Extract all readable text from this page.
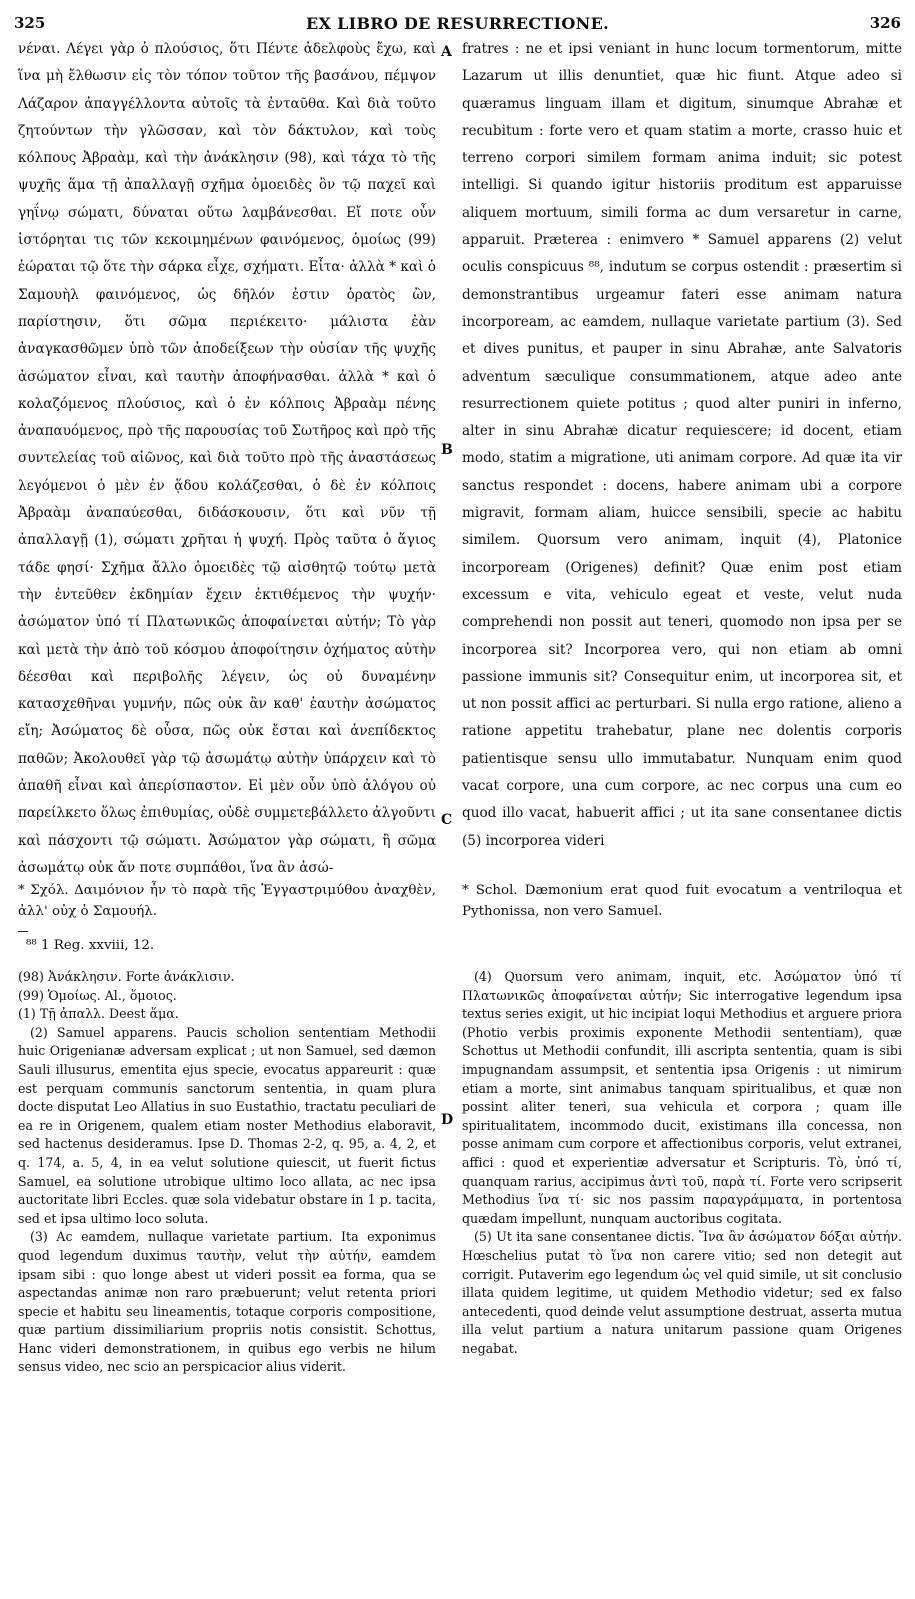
325	EX LIBRO DE RESURRECTIONE.	326
νέναι. Λέγει γὰρ ὁ πλούσιος, ὅτι Πέντε ἀδελφοὺς ἔχω, καὶ ἵνα μὴ ἔλθωσιν εἰς τὸν τόπον τοῦτον τῆς βασάνου, πέμψον Λάζαρον ἀπαγγέλλοντα αὐτοῖς τὰ ἐνταῦθα. Καὶ διὰ τοῦτο ζητούντων τὴν γλῶσσαν, καὶ τὸν δάκτυλον, καὶ τοὺς κόλπους Ἀβραὰμ, καὶ τὴν ἀνάκλησιν (98), καὶ τάχα τὸ τῆς ψυχῆς ἅμα τῇ ἀπαλλαγῇ σχῆμα ὁμοειδὲς ὂν τῷ παχεῖ καὶ γηΐνῳ σώματι, δύναται οὕτω λαμβάνεσθαι. Εἴ ποτε οὖν ἱστόρηται τις τῶν κεκοιμημένων φαινόμενος, ὁμοίως (99) ἑώραται τῷ ὅτε τὴν σάρκα εἶχε, σχήματι. Εἶτα· ἀλλὰ * καὶ ὁ Σαμουὴλ φαινόμενος, ὡς δῆλόν ἐστιν ὁρατὸς ὢν, παρίστησιν, ὅτι σῶμα περιέκειτο· μάλιστα ἐὰν ἀναγκασθῶμεν ὑπὸ τῶν ἀποδείξεων τὴν οὐσίαν τῆς ψυχῆς ἀσώματον εἶναι, καὶ ταυτὴν ἀποφήνασθαι. ἀλλὰ * καὶ ὁ κολαζόμενος πλούσιος, καὶ ὁ ἐν κόλποις Ἀβραὰμ πένης ἀναπαυόμενος, πρὸ τῆς παρουσίας τοῦ Σωτῆρος καὶ πρὸ τῆς συντελείας τοῦ αἰῶνος, καὶ διὰ τοῦτο πρὸ τῆς ἀναστάσεως λεγόμενοι ὁ μὲν ἐν ᾅδου κολάζεσθαι, ὁ δὲ ἐν κόλποις Ἀβραὰμ ἀναπαύεσθαι, διδάσκουσιν, ὅτι καὶ νῦν τῇ ἀπαλλαγῇ (1), σώματι χρῆται ἡ ψυχή. Πρὸς ταῦτα ὁ ἅγιος τάδε φησί· Σχῆμα ἄλλο ὁμοειδὲς τῷ αἰσθητῷ τούτῳ μετὰ τὴν ἐντεῦθεν ἐκδημίαν ἔχειν ἐκτιθέμενος τὴν ψυχήν· ἀσώματον ὑπό τί Πλατωνικῶς ἀποφαίνεται αὐτήν; Τὸ γὰρ καὶ μετὰ τὴν ἀπὸ τοῦ κόσμου ἀποφοίτησιν ὀχήματος αὐτὴν δέεσθαι καὶ περιβολῆς λέγειν, ὡς οὐ δυναμένην κατασχεθῆναι γυμνήν, πῶς οὐκ ἂν καθ' ἑαυτὴν ἀσώματος εἴη; Ἀσώματος δὲ οὖσα, πῶς οὐκ ἔσται καὶ ἀνεπίδεκτος παθῶν; Ἀκολουθεῖ γὰρ τῷ ἀσωμάτῳ αὐτὴν ὑπάρχειν καὶ τὸ ἀπαθῆ εἶναι καὶ ἀπερίσπαστον. Εἰ μὲν οὖν ὑπὸ ἀλόγου οὐ παρείλκετο ὅλως ἐπιθυμίας, οὐδὲ συμμετεβάλλετο ἀλγοῦντι καὶ πάσχοντι τῷ σώματι. Ἀσώματον γὰρ σώματι, ἢ σῶμα ἀσωμάτῳ οὐκ ἄν ποτε συμπάθοι, ἵνα ἂν ἀσώ-
fratres : ne et ipsi veniant in hunc locum tormentorum, mitte Lazarum ut illis denuntiet, quæ hic fiunt. Atque adeo si quæramus linguam illam et digitum, sinumque Abrahæ et recubitum : forte vero et quam statim a morte, crasso huic et terreno corpori similem formam anima induit; sic potest intelligi. Si quando igitur historiis proditum est apparuisse aliquem mortuum, simili forma ac dum versaretur in carne, apparuit. Præterea : enimvero * Samuel apparens (2) velut oculis conspicuus ⁸⁸, indutum se corpus ostendit : præsertim si demonstrantibus urgeamur fateri esse animam natura incorpoream, ac eamdem, nullaque varietate partium (3). Sed et dives punitus, et pauper in sinu Abrahæ, ante Salvatoris adventum sæculique consummationem, atque adeo ante resurrectionem quiete potitus ; quod alter puniri in inferno, alter in sinu Abrahæ dicatur requiescere; id docent, etiam modo, statim a migratione, uti animam corpore. Ad quæ ita vir sanctus respondet : docens, habere animam ubi a corpore migravit, formam aliam, huicce sensibili, specie ac habitu similem. Quorsum vero animam, inquit (4), Platonice incorpoream (Origenes) definit? Quæ enim post etiam excessum e vita, vehiculo egeat et veste, velut nuda comprehendi non possit aut teneri, quomodo non ipsa per se incorporea sit? Incorporea vero, qui non etiam ab omni passione immunis sit? Consequitur enim, ut incorporea sit, et ut non possit affici ac perturbari. Si nulla ergo ratione, alieno a ratione appetitu trahebatur, plane nec dolentis corporis patientisque sensu ullo immutabatur. Nunquam enim quod vacat corpore, una cum corpore, ac nec corpus una cum eo quod illo vacat, habuerit affici ; ut ita sane consentanee dictis (5) incorporea videri
A
B
C
D
* Σχόλ. Δαιμόνιον ἦν τὸ παρὰ τῆς Ἐγγαστριμύθου ἀναχθὲν, ἀλλ' οὐχ ὁ Σαμουήλ.
* Schol. Dæmonium erat quod fuit evocatum a ventriloqua et Pythonissa, non vero Samuel.
⁸⁸ 1 Reg. xxviii, 12.

(98) Ἀνάκλησιν. Forte ἀνάκλισιν.

(99) Ὁμοίως. Al., ὅμοιος.

(1) Τῇ ἀπαλλ. Deest ἅμα.

(2) Samuel apparens. Paucis scholion sententiam Methodii huic Origenianæ adversam explicat ; ut non Samuel, sed dæmon Sauli illusurus, ementita ejus specie, evocatus appareurit : quæ est perquam communis sanctorum sententia, in quam plura docte disputat Leo Allatius in suo Eustathio, tractatu peculiari de ea re in Origenem, qualem etiam noster Methodius elaboravit, sed hactenus desideramus. Ipse D. Thomas 2-2, q. 95, a. 4, 2, et q. 174, a. 5, 4, in ea velut solutione quiescit, ut fuerit fictus Samuel, ea solutione utrobique ultimo loco allata, ac nec ipsa auctoritate libri Eccles. quæ sola videbatur obstare in 1 p. tacita, sed et ipsa ultimo loco soluta.

(3) Ac eamdem, nullaque varietate partium. Ita exponimus quod legendum duximus ταυτὴν, velut τὴν αὐτήν, eamdem ipsam sibi : quo longe abest ut videri possit ea forma, qua se aspectandas animæ non raro præbuerunt; velut retenta priori specie et habitu seu lineamentis, totaque corporis compositione, quæ partium dissimiliarium propriis notis consistit. Schottus, Hanc videri demonstrationem, in quibus ego verbis ne hilum sensus video, nec scio an perspicacior alius viderit.

(4) Quorsum vero animam, inquit, etc. Ἀσώματον ὑπό τί Πλατωνικῶς ἀποφαίνεται αὐτήν; Sic interrogative legendum ipsa textus series exigit, ut hic incipiat loqui Methodius et arguere priora (Photio verbis proximis exponente Methodii sententiam), quæ Schottus ut Methodii confundit, illi ascripta sententia, quam is sibi impugnandam assumpsit, et sententia ipsa Origenis : ut nimirum etiam a morte, sint animabus tanquam spiritualibus, et quæ non possint aliter teneri, sua vehicula et corpora ; quam ille spiritualitatem, incommodo ducit, existimans illa concessa, non posse animam cum corpore et affectionibus corporis, velut extranei, affici : quod et experientiæ adversatur et Scripturis. Τὸ, ὑπό τί, quanquam rarius, accipimus ἀντὶ τοῦ, παρὰ τί. Forte vero scripserit Methodius ἵνα τί· sic nos passim παραγράμματα, in portentosa quædam impellunt, nunquam auctoribus cogitata.

(5) Ut ita sane consentanee dictis. Ἵνα ἂν ἀσώματον δόξαι αὐτήν. Hœschelius putat τὸ ἵνα non carere vitio; sed non detegit aut corrigit. Putaverim ego legendum ὡς vel quid simile, ut sit conclusio illata quidem legitime, ut quidem Methodio videtur; sed ex falso antecedenti, quod deinde velut assumptione destruat, asserta mutua illa velut partium a natura unitarum passione quam Origenes negabat.
